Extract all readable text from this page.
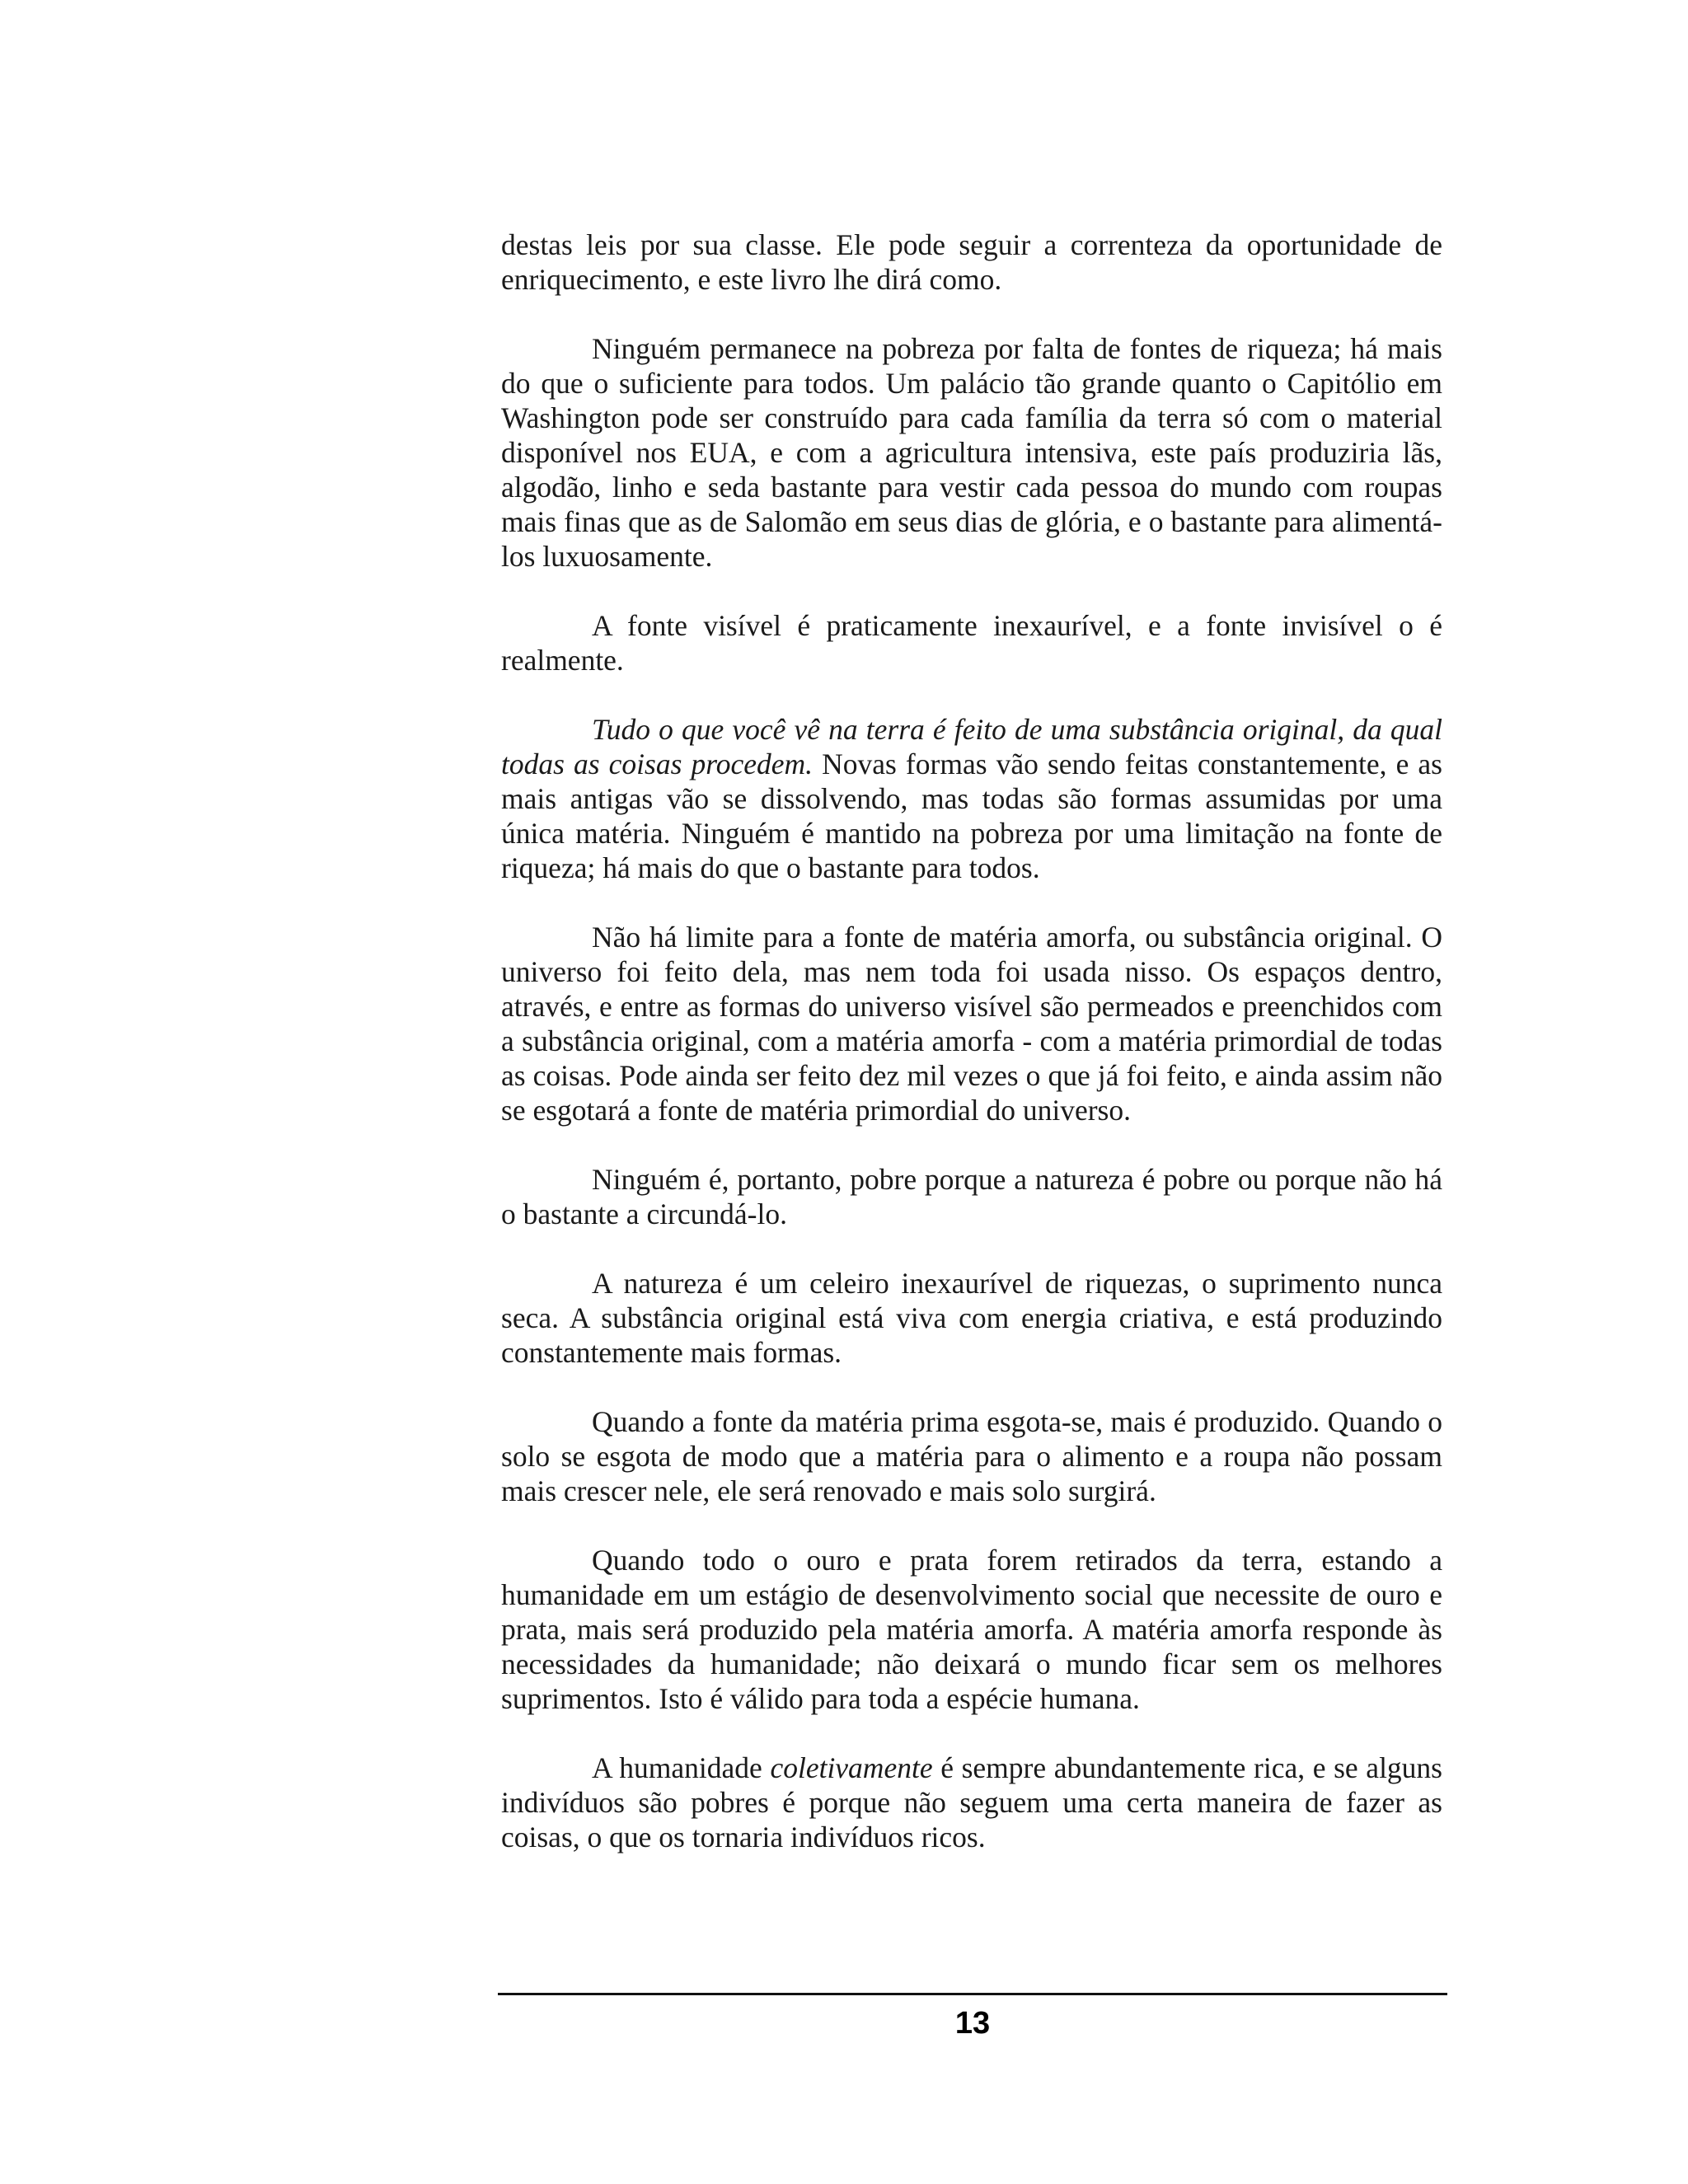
destas leis por sua classe. Ele pode seguir a correnteza da oportunidade de enriquecimento, e este livro lhe dirá como.

Ninguém permanece na pobreza por falta de fontes de riqueza; há mais do que o suficiente para todos. Um palácio tão grande quanto o Capitólio em Washington pode ser construído para cada família da terra só com o material disponível nos EUA, e com a agricultura intensiva, este país produziria lãs, algodão, linho e seda bastante para vestir cada pessoa do mundo com roupas mais finas que as de Salomão em seus dias de glória, e o bastante para alimentá-los luxuosamente.

A fonte visível é praticamente inexaurível, e a fonte invisível o é realmente.

Tudo o que você vê na terra é feito de uma substância original, da qual todas as coisas procedem. Novas formas vão sendo feitas constantemente, e as mais antigas vão se dissolvendo, mas todas são formas assumidas por uma única matéria. Ninguém é mantido na pobreza por uma limitação na fonte de riqueza; há mais do que o bastante para todos.

Não há limite para a fonte de matéria amorfa, ou substância original. O universo foi feito dela, mas nem toda foi usada nisso. Os espaços dentro, através, e entre as formas do universo visível são permeados e preenchidos com a substância original, com a matéria amorfa - com a matéria primordial de todas as coisas. Pode ainda ser feito dez mil vezes o que já foi feito, e ainda assim não se esgotará a fonte de matéria primordial do universo.

Ninguém é, portanto, pobre porque a natureza é pobre ou porque não há o bastante a circundá-lo.

A natureza é um celeiro inexaurível de riquezas, o suprimento nunca seca. A substância original está viva com energia criativa, e está produzindo constantemente mais formas.

Quando a fonte da matéria prima esgota-se, mais é produzido. Quando o solo se esgota de modo que a matéria para o alimento e a roupa não possam mais crescer nele, ele será renovado e mais solo surgirá.

Quando todo o ouro e prata forem retirados da terra, estando a humanidade em um estágio de desenvolvimento social que necessite de ouro e prata, mais será produzido pela matéria amorfa. A matéria amorfa responde às necessidades da humanidade; não deixará o mundo ficar sem os melhores suprimentos. Isto é válido para toda a espécie humana.

A humanidade coletivamente é sempre abundantemente rica, e se alguns indivíduos são pobres é porque não seguem uma certa maneira de fazer as coisas, o que os tornaria indivíduos ricos.

13
